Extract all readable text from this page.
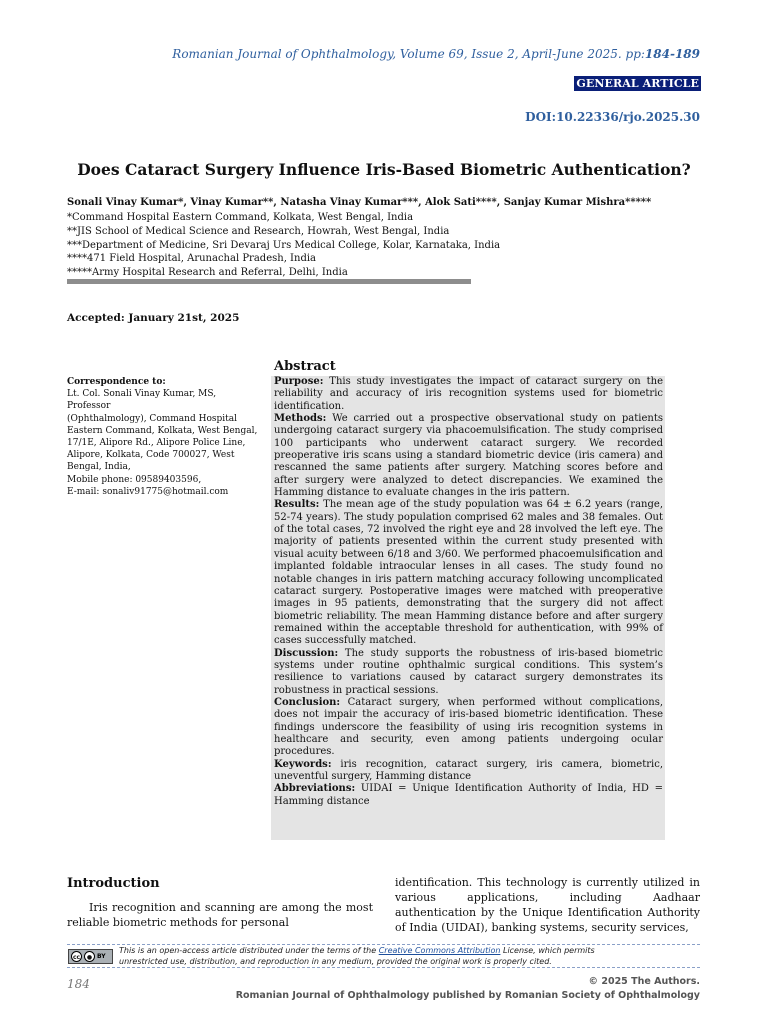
Romanian Journal of Ophthalmology, Volume 69, Issue 2, April-June 2025. pp:184-189
GENERAL ARTICLE
DOI:10.22336/rjo.2025.30
Does Cataract Surgery Influence Iris-Based Biometric Authentication?
Sonali Vinay Kumar*, Vinay Kumar**, Natasha Vinay Kumar***, Alok Sati****, Sanjay Kumar Mishra*****
*Command Hospital Eastern Command, Kolkata, West Bengal, India
**JIS School of Medical Science and Research, Howrah, West Bengal, India
***Department of Medicine, Sri Devaraj Urs Medical College, Kolar, Karnataka, India
****471 Field Hospital, Arunachal Pradesh, India
*****Army Hospital Research and Referral, Delhi, India
Accepted: January 21st, 2025
Correspondence to:
Lt. Col. Sonali Vinay Kumar, MS, Professor
(Ophthalmology), Command Hospital
Eastern Command, Kolkata, West Bengal,
17/1E, Alipore Rd., Alipore Police Line,
Alipore, Kolkata, Code 700027, West
Bengal, India,
Mobile phone: 09589403596,
E-mail: sonaliv91775@hotmail.com
Abstract

Purpose: This study investigates the impact of cataract surgery on the reliability and accuracy of iris recognition systems used for biometric identification.

Methods: We carried out a prospective observational study on patients undergoing cataract surgery via phacoemulsification. The study comprised 100 participants who underwent cataract surgery. We recorded preoperative iris scans using a standard biometric device (iris camera) and rescanned the same patients after surgery. Matching scores before and after surgery were analyzed to detect discrepancies. We examined the Hamming distance to evaluate changes in the iris pattern.

Results: The mean age of the study population was 64 ± 6.2 years (range, 52-74 years). The study population comprised 62 males and 38 females. Out of the total cases, 72 involved the right eye and 28 involved the left eye. The majority of patients presented within the current study presented with visual acuity between 6/18 and 3/60. We performed phacoemulsification and implanted foldable intraocular lenses in all cases. The study found no notable changes in iris pattern matching accuracy following uncomplicated cataract surgery. Postoperative images were matched with preoperative images in 95 patients, demonstrating that the surgery did not affect biometric reliability. The mean Hamming distance before and after surgery remained within the acceptable threshold for authentication, with 99% of cases successfully matched.

Discussion: The study supports the robustness of iris-based biometric systems under routine ophthalmic surgical conditions. This system’s resilience to variations caused by cataract surgery demonstrates its robustness in practical sessions.

Conclusion: Cataract surgery, when performed without complications, does not impair the accuracy of iris-based biometric identification. These findings underscore the feasibility of using iris recognition systems in healthcare and security, even among patients undergoing ocular procedures.

Keywords: iris recognition, cataract surgery, iris camera, biometric, uneventful surgery, Hamming distance

Abbreviations: UIDAI = Unique Identification Authority of India, HD = Hamming distance

Introduction
Iris recognition and scanning are among the most reliable biometric methods for personal
identification. This technology is currently utilized in various applications, including Aadhaar authentication by the Unique Identification Authority of India (UIDAI), banking systems, security services,
cc	● BY
This is an open-access article distributed under the terms of the Creative Commons Attribution License, which permits
unrestricted use, distribution, and reproduction in any medium, provided the original work is properly cited.
184	© 2025 The Authors.
Romanian Journal of Ophthalmology published by Romanian Society of Ophthalmology
